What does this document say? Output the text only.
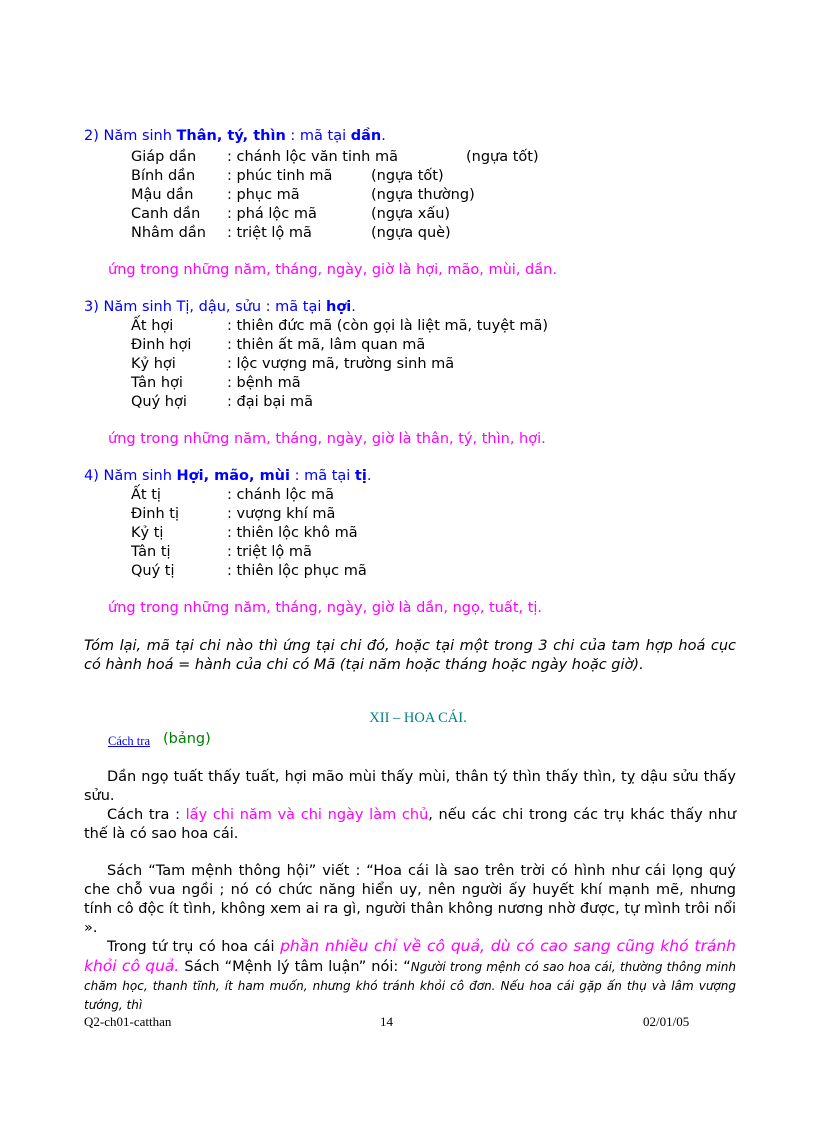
2) Năm sinh Thân, tý, thìn : mã tại dần.
Giáp dần : chánh lộc văn tinh mã	(ngựa tốt)
Bính dần : phúc tinh mã	(ngựa tốt)
Mậu dần : phục mã	(ngựa thường)
Canh dần : phá lộc mã	(ngựa xấu)
Nhâm dần : triệt lộ mã	(ngựa què)
ứng trong những năm, tháng, ngày, giờ là hợi, mão, mùi, dần.
3) Năm sinh Tị, dậu, sửu : mã tại hợi.
Ất hợi	: thiên đức mã (còn gọi là liệt mã, tuyệt mã)
Đinh hợi : thiên ất mã, lâm quan mã
Kỷ hợi	: lộc vượng mã, trường sinh mã
Tân hợi	: bệnh mã
Quý hợi	: đại bại mã
ứng trong những năm, tháng, ngày, giờ là thân, tý, thìn, hợi.
4) Năm sinh Hợi, mão, mùi : mã tại tị.
Ất tị	: chánh lộc mã
Đinh tị	: vượng khí mã
Kỷ tị	: thiên lộc khô mã
Tân tị	: triệt lộ mã
Quý tị	: thiên lộc phục mã
ứng trong những năm, tháng, ngày, giờ là dần, ngọ, tuất, tị.
Tóm lại, mã tại chi nào thì ứng tại chi đó, hoặc tại một trong 3 chi của tam hợp hoá cục có hành hoá = hành của chi có Mã (tại năm hoặc tháng hoặc ngày hoặc giờ).
XII – HOA CÁI.
Cách tra (bảng)
Dần ngọ tuất thấy tuất, hợi mão mùi thấy mùi, thân tý thìn thấy thìn, tỵ dậu sửu thấy sửu.
Cách tra : lấy chi năm và chi ngày làm chủ, nếu các chi trong các trụ khác thấy như thế là có sao hoa cái.
Sách “Tam mệnh thông hội” viết : “Hoa cái là sao trên trời có hình như cái lọng quý che chỗ vua ngồi ; nó có chức năng hiển uy, nên người ấy huyết khí mạnh mẽ, nhưng tính cô độc ít tình, không xem ai ra gì, người thân không nương nhờ được, tự mình trôi nổi ».
Trong tứ trụ có hoa cái phần nhiều chỉ về cô quả, dù có cao sang cũng khó tránh khỏi cô quả. Sách “Mệnh lý tâm luận” nói: “Người trong mệnh có sao hoa cái, thường thông minh chăm học, thanh tĩnh, ít ham muốn, nhưng khó tránh khỏi cô đơn. Nếu hoa cái gặp ấn thụ và lâm vượng tướng, thì
Q2-ch01-catthan	14	02/01/05
